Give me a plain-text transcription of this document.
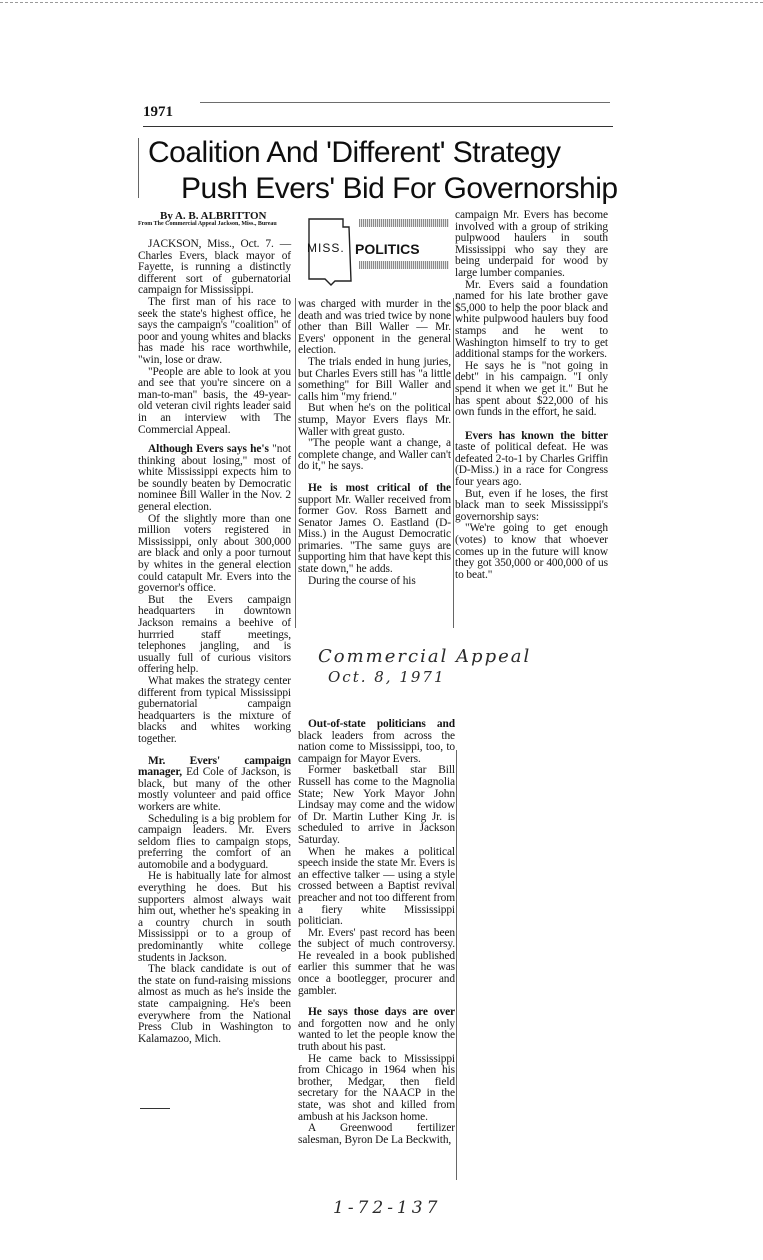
1971
Coalition And 'Different' Strategy
Push Evers' Bid For Governorship
By A. B. ALBRITTON
From The Commercial Appeal Jackson, Miss., Bureau
MISS. POLITICS

JACKSON, Miss., Oct. 7. — Charles Evers, black mayor of Fayette, is running a distinctly different sort of gubernatorial campaign for Mississippi.

The first man of his race to seek the state's highest office, he says the campaign's "coalition" of poor and young whites and blacks has made his race worthwhile, "win, lose or draw.

"People are able to look at you and see that you're sincere on a man-to-man" basis, the 49-year-old veteran civil rights leader said in an interview with The Commercial Appeal.

Although Evers says he's "not thinking about losing," most of white Mississippi expects him to be soundly beaten by Democratic nominee Bill Waller in the Nov. 2 general election.

Of the slightly more than one million voters registered in Mississippi, only about 300,000 are black and only a poor turnout by whites in the general election could catapult Mr. Evers into the governor's office.

But the Evers campaign headquarters in downtown Jackson remains a beehive of hurrried staff meetings, telephones jangling, and is usually full of curious visitors offering help.

What makes the strategy center different from typical Mississippi gubernatorial campaign headquarters is the mixture of blacks and whites working together.

Mr. Evers' campaign manager, Ed Cole of Jackson, is black, but many of the other mostly volunteer and paid office workers are white.

Scheduling is a big problem for campaign leaders. Mr. Evers seldom flies to campaign stops, preferring the comfort of an automobile and a bodyguard.

He is habitually late for almost everything he does. But his supporters almost always wait him out, whether he's speaking in a country church in south Mississippi or to a group of predominantly white college students in Jackson.

The black candidate is out of the state on fund-raising missions almost as much as he's inside the state campaigning. He's been everywhere from the National Press Club in Washington to Kalamazoo, Mich.

was charged with murder in the death and was tried twice by none other than Bill Waller — Mr. Evers' opponent in the general election.

The trials ended in hung juries, but Charles Evers still has "a little something" for Bill Waller and calls him "my friend."

But when he's on the political stump, Mayor Evers flays Mr. Waller with great gusto.

"The people want a change, a complete change, and Waller can't do it," he says.

He is most critical of the support Mr. Waller received from former Gov. Ross Barnett and Senator James O. Eastland (D-Miss.) in the August Democratic primaries. "The same guys are supporting him that have kept this state down," he adds.

During the course of his

Commercial Appeal
Oct. 8, 1971

Out-of-state politicians and black leaders from across the nation come to Mississippi, too, to campaign for Mayor Evers.

Former basketball star Bill Russell has come to the Magnolia State; New York Mayor John Lindsay may come and the widow of Dr. Martin Luther King Jr. is scheduled to arrive in Jackson Saturday.

When he makes a political speech inside the state Mr. Evers is an effective talker — using a style crossed between a Baptist revival preacher and not too different from a fiery white Mississippi politician.

Mr. Evers' past record has been the subject of much controversy. He revealed in a book published earlier this summer that he was once a bootlegger, procurer and gambler.

He says those days are over and forgotten now and he only wanted to let the people know the truth about his past.

He came back to Mississippi from Chicago in 1964 when his brother, Medgar, then field secretary for the NAACP in the state, was shot and killed from ambush at his Jackson home.

A Greenwood fertilizer salesman, Byron De La Beckwith,

campaign Mr. Evers has become involved with a group of striking pulpwood haulers in south Mississippi who say they are being underpaid for wood by large lumber companies.

Mr. Evers said a foundation named for his late brother gave $5,000 to help the poor black and white pulpwood haulers buy food stamps and he went to Washington himself to try to get additional stamps for the workers.

He says he is "not going in debt" in his campaign. "I only spend it when we get it." But he has spent about $22,000 of his own funds in the effort, he said.

Evers has known the bitter taste of political defeat. He was defeated 2-to-1 by Charles Griffin (D-Miss.) in a race for Congress four years ago.

But, even if he loses, the first black man to seek Mississippi's governorship says:

"We're going to get enough (votes) to know that whoever comes up in the future will know they got 350,000 or 400,000 of us to beat."

1-72-137
